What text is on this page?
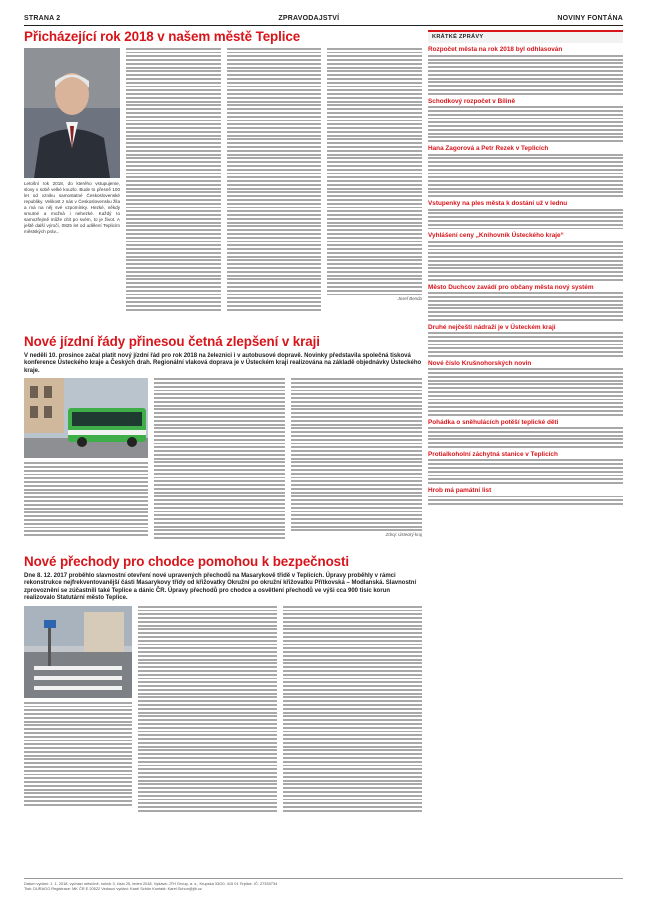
STRANA 2	ZPRAVODAJSTVÍ	NOVINY FONTÁNA
Přicházející rok 2018 v našem městě Teplice

Letošní rok 2018, do kterého vstupujeme, slovy v sobě velké kouzlo. Bude to přesně 100 let od vzniku samostatné Československé republiky. Velikost z nás v Československu žila a má na něj své vzpomínky. Hezké, někdy smutné a možná i nehezké. Každý to samozřejmě může cítit po svém, to je život. A ještě další výročí, 0825 let od udělení Teplicím městských práv...

Josef Benda
Nové jízdní řády přinesou četná zlepšení v kraji

V neděli 10. prosince začal platit nový jízdní řád pro rok 2018 na železnici i v autobusové dopravě. Novinky představila společná tisková konference Ústeckého kraje a Českých drah. Regionální vlaková doprava je v Ústeckém kraji realizována na základě objednávky Ústeckého kraje.

Zdroj: Ústecký kraj
Nové přechody pro chodce pomohou k bezpečnosti

Dne 8. 12. 2017 proběhlo slavnostní otevření nové upravených přechodů na Masarykově třídě v Teplicích. Úpravy proběhly v rámci rekonstrukce nejfrekventovanější části Masarykovy třídy od křižovatky Okružní po okružní křižovatku Přítkovská – Modlanská. Slavnostní zprovoznění se zúčastnili také Teplice a dánic ČR. Úpravy přechodů pro chodce a osvětlení přechodů ve výši cca 900 tisíc korun realizovalo Statutární město Teplice.

KRÁTKÉ ZPRÁVY
Rozpočet města na rok 2018 byl odhlasován
Schodkový rozpočet v Bílině
Hana Zagorová a Petr Rezek v Teplicích
Vstupenky na ples města k dostání už v lednu
Vyhlášení ceny „Knihovník Ústeckého kraje“
Město Duchcov zavádí pro občany města nový systém
Druhé nejčeští nádraží je v Ústeckém kraji
Nové číslo Krušnohorských novin
Pohádka o sněhulácích potěší teplické děti
Protialkoholní záchytná stanice v Teplicích
Hrob má památní list
Datum vydání: 1. 1. 2018, vychází měsíčně, ročník 3, číslo 25, leden 2018. Vydává: JTH Group, a. s., Krupská 33/20, 415 01 Teplice. IČ: 27339734
Tisk: DURAGO Registrace: MK ČR E 20522 Vedoucí vydání: Karel Schön Kontakt: Karel.Schon@jth.cz
